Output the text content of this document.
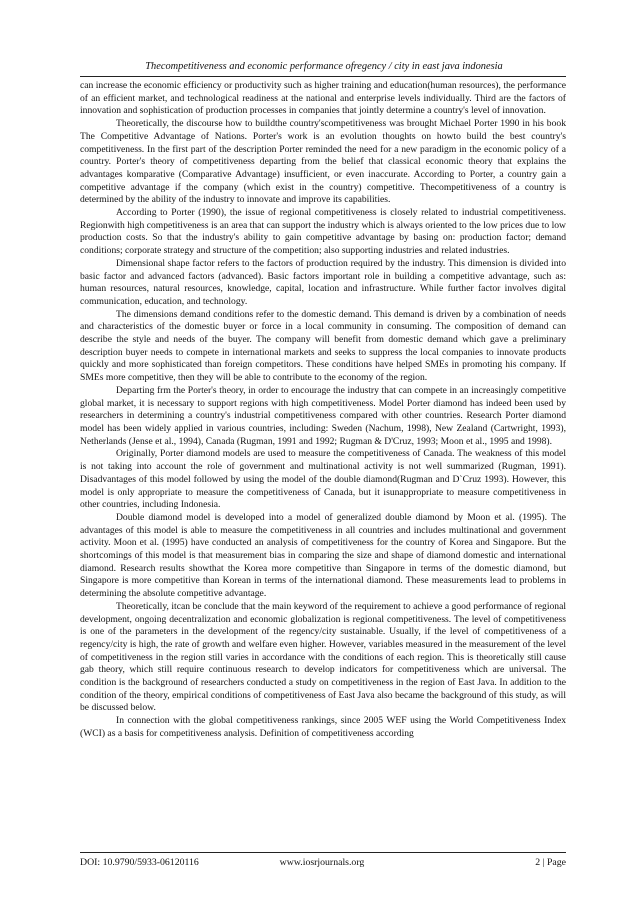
Thecompetitiveness and economic performance ofregency / city in east java indonesia

can increase the economic efficiency or productivity such as higher training and education(human resources), the performance of an efficient market, and technological readiness at the national and enterprise levels individually. Third are the factors of innovation and sophistication of production processes in companies that jointly determine a country's level of innovation.

Theoretically, the discourse how to buildthe country'scompetitiveness was brought Michael Porter 1990 in his book The Competitive Advantage of Nations. Porter's work is an evolution thoughts on howto build the best country's competitiveness. In the first part of the description Porter reminded the need for a new paradigm in the economic policy of a country. Porter's theory of competitiveness departing from the belief that classical economic theory that explains the advantages komparative (Comparative Advantage) insufficient, or even inaccurate. According to Porter, a country gain a competitive advantage if the company (which exist in the country) competitive. Thecompetitiveness of a country is determined by the ability of the industry to innovate and improve its capabilities.

According to Porter (1990), the issue of regional competitiveness is closely related to industrial competitiveness. Regionwith high competitiveness is an area that can support the industry which is always oriented to the low prices due to low production costs. So that the industry's ability to gain competitive advantage by basing on: production factor; demand conditions; corporate strategy and structure of the competition; also supporting industries and related industries.

Dimensional shape factor refers to the factors of production required by the industry. This dimension is divided into basic factor and advanced factors (advanced). Basic factors important role in building a competitive advantage, such as: human resources, natural resources, knowledge, capital, location and infrastructure. While further factor involves digital communication, education, and technology.

The dimensions demand conditions refer to the domestic demand. This demand is driven by a combination of needs and characteristics of the domestic buyer or force in a local community in consuming. The composition of demand can describe the style and needs of the buyer. The company will benefit from domestic demand which gave a preliminary description buyer needs to compete in international markets and seeks to suppress the local companies to innovate products quickly and more sophisticated than foreign competitors. These conditions have helped SMEs in promoting his company. If SMEs more competitive, then they will be able to contribute to the economy of the region.

Departing frm the Porter's theory, in order to encourage the industry that can compete in an increasingly competitive global market, it is necessary to support regions with high competitiveness. Model Porter diamond has indeed been used by researchers in determining a country's industrial competitiveness compared with other countries. Research Porter diamond model has been widely applied in various countries, including: Sweden (Nachum, 1998), New Zealand (Cartwright, 1993), Netherlands (Jense et al., 1994), Canada (Rugman, 1991 and 1992; Rugman & D'Cruz, 1993; Moon et al., 1995 and 1998).

Originally, Porter diamond models are used to measure the competitiveness of Canada. The weakness of this model is not taking into account the role of government and multinational activity is not well summarized (Rugman, 1991). Disadvantages of this model followed by using the model of the double diamond(Rugman and D`Cruz 1993). However, this model is only appropriate to measure the competitiveness of Canada, but it isunappropriate to measure competitiveness in other countries, including Indonesia.

Double diamond model is developed into a model of generalized double diamond by Moon et al. (1995). The advantages of this model is able to measure the competitiveness in all countries and includes multinational and government activity. Moon et al. (1995) have conducted an analysis of competitiveness for the country of Korea and Singapore. But the shortcomings of this model is that measurement bias in comparing the size and shape of diamond domestic and international diamond. Research results showthat the Korea more competitive than Singapore in terms of the domestic diamond, but Singapore is more competitive than Korean in terms of the international diamond. These measurements lead to problems in determining the absolute competitive advantage.

Theoretically, itcan be conclude that the main keyword of the requirement to achieve a good performance of regional development, ongoing decentralization and economic globalization is regional competitiveness. The level of competitiveness is one of the parameters in the development of the regency/city sustainable. Usually, if the level of competitiveness of a regency/city is high, the rate of growth and welfare even higher. However, variables measured in the measurement of the level of competitiveness in the region still varies in accordance with the conditions of each region. This is theoretically still cause gab theory, which still require continuous research to develop indicators for competitiveness which are universal. The condition is the background of researchers conducted a study on competitiveness in the region of East Java. In addition to the condition of the theory, empirical conditions of competitiveness of East Java also became the background of this study, as will be discussed below.

In connection with the global competitiveness rankings, since 2005 WEF using the World Competitiveness Index (WCI) as a basis for competitiveness analysis. Definition of competitiveness according

DOI: 10.9790/5933-06120116	www.iosrjournals.org	2 | Page
